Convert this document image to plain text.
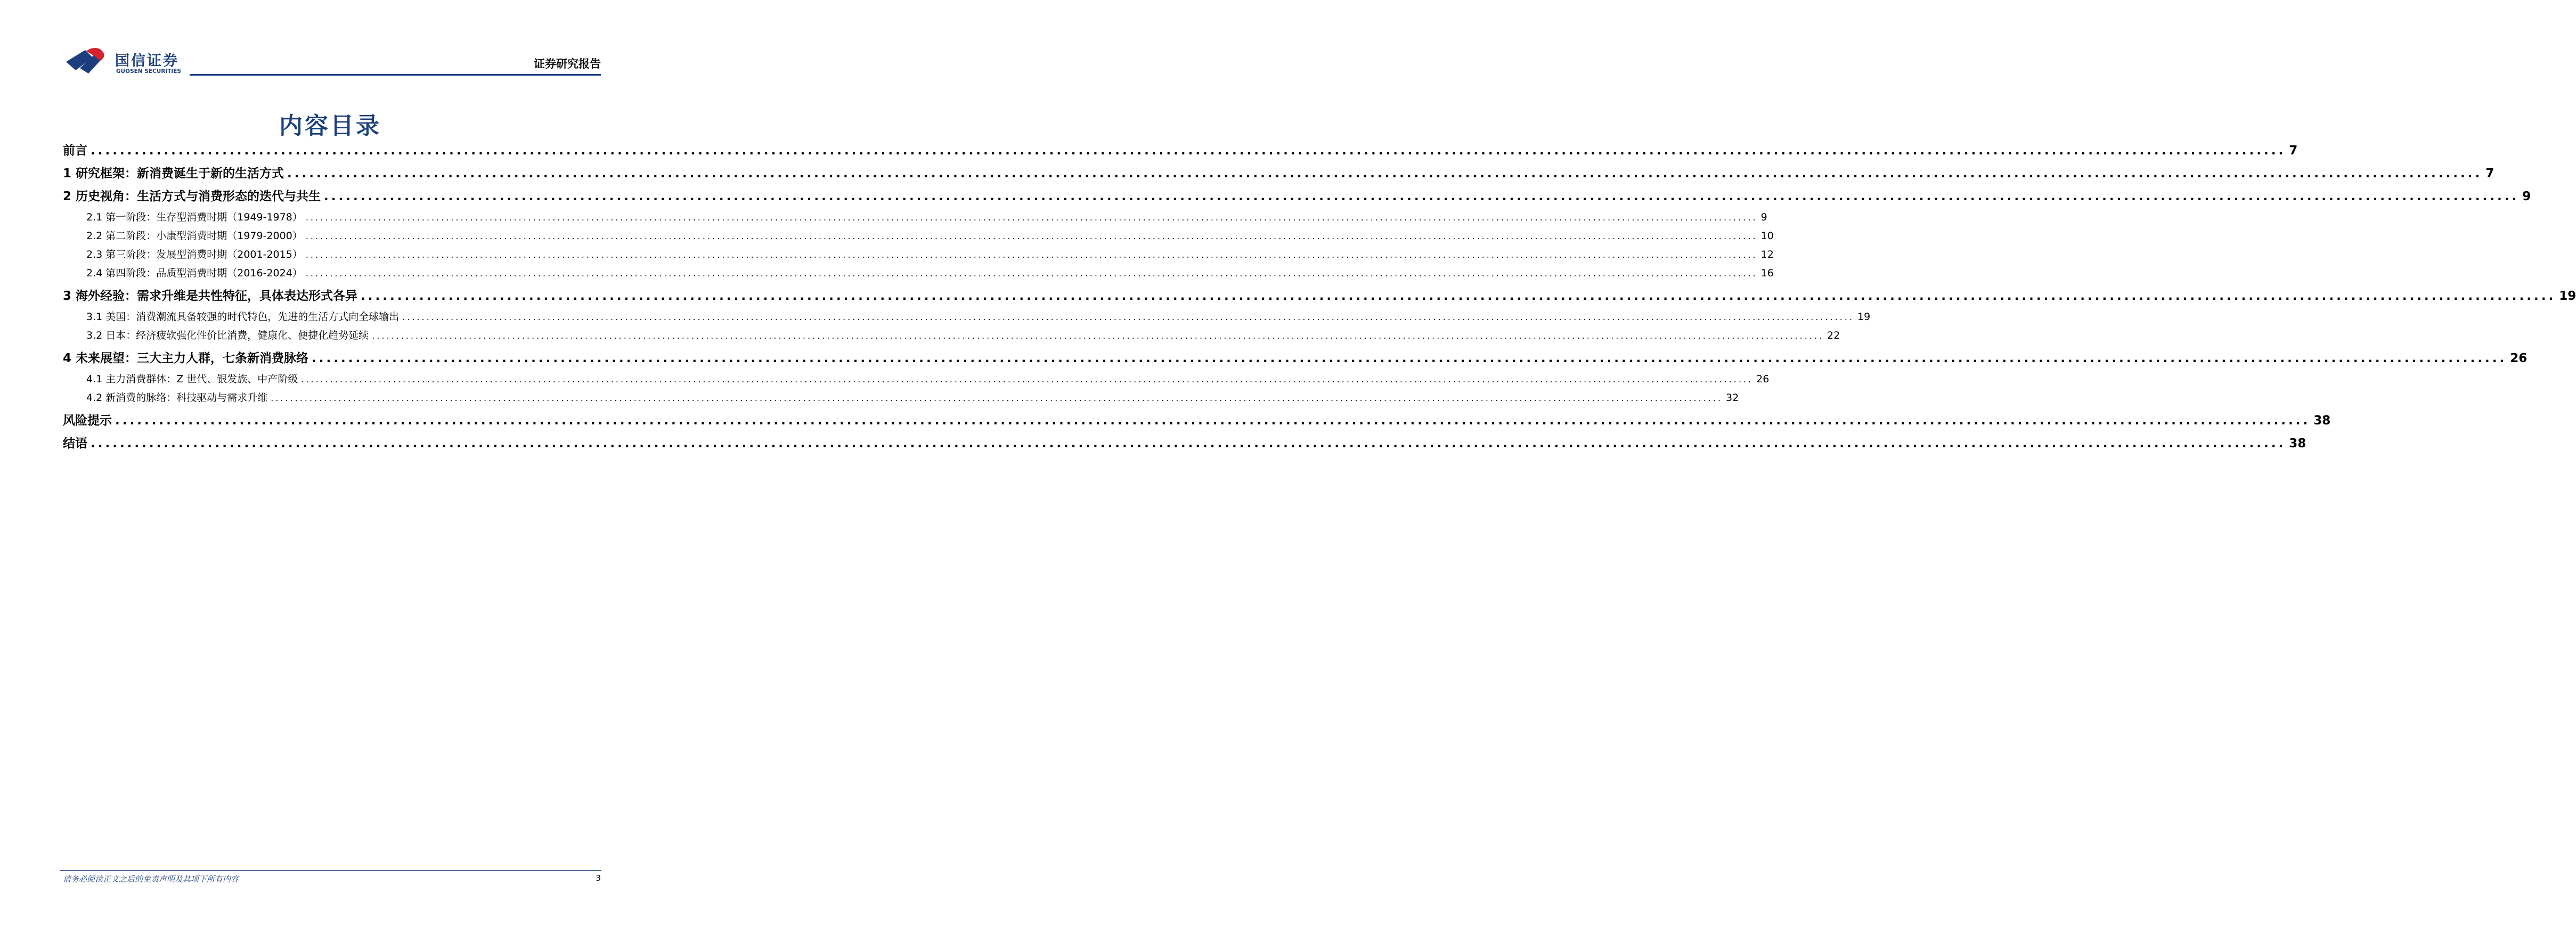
国信证券
GUOSEN SECURITIES
证券研究报告
内容目录
前言 ............................................................................................................................................................................................................................................................................................................ 7
1 研究框架：新消费诞生于新的生活方式 ............................................................................................................................................................................................................................................................................................................ 7
2 历史视角：生活方式与消费形态的迭代与共生 ............................................................................................................................................................................................................................................................................................................ 9
2.1 第一阶段：生存型消费时期（1949-1978） ............................................................................................................................................................................................................................................................................................................ 9
2.2 第二阶段：小康型消费时期（1979-2000） ............................................................................................................................................................................................................................................................................................................ 10
2.3 第三阶段：发展型消费时期（2001-2015） ............................................................................................................................................................................................................................................................................................................ 12
2.4 第四阶段：品质型消费时期（2016-2024） ............................................................................................................................................................................................................................................................................................................ 16
3 海外经验：需求升维是共性特征，具体表达形式各异 ............................................................................................................................................................................................................................................................................................................ 19
3.1 美国：消费潮流具备较强的时代特色，先进的生活方式向全球输出 ............................................................................................................................................................................................................................................................................................................ 19
3.2 日本：经济疲软强化性价比消费，健康化、便捷化趋势延续 ............................................................................................................................................................................................................................................................................................................ 22
4 未来展望：三大主力人群，七条新消费脉络 ............................................................................................................................................................................................................................................................................................................ 26
4.1 主力消费群体：Z 世代、银发族、中产阶级 ............................................................................................................................................................................................................................................................................................................ 26
4.2 新消费的脉络：科技驱动与需求升维 ............................................................................................................................................................................................................................................................................................................ 32
风险提示 ............................................................................................................................................................................................................................................................................................................ 38
结语 ............................................................................................................................................................................................................................................................................................................ 38
请务必阅读正文之后的免责声明及其项下所有内容	3
